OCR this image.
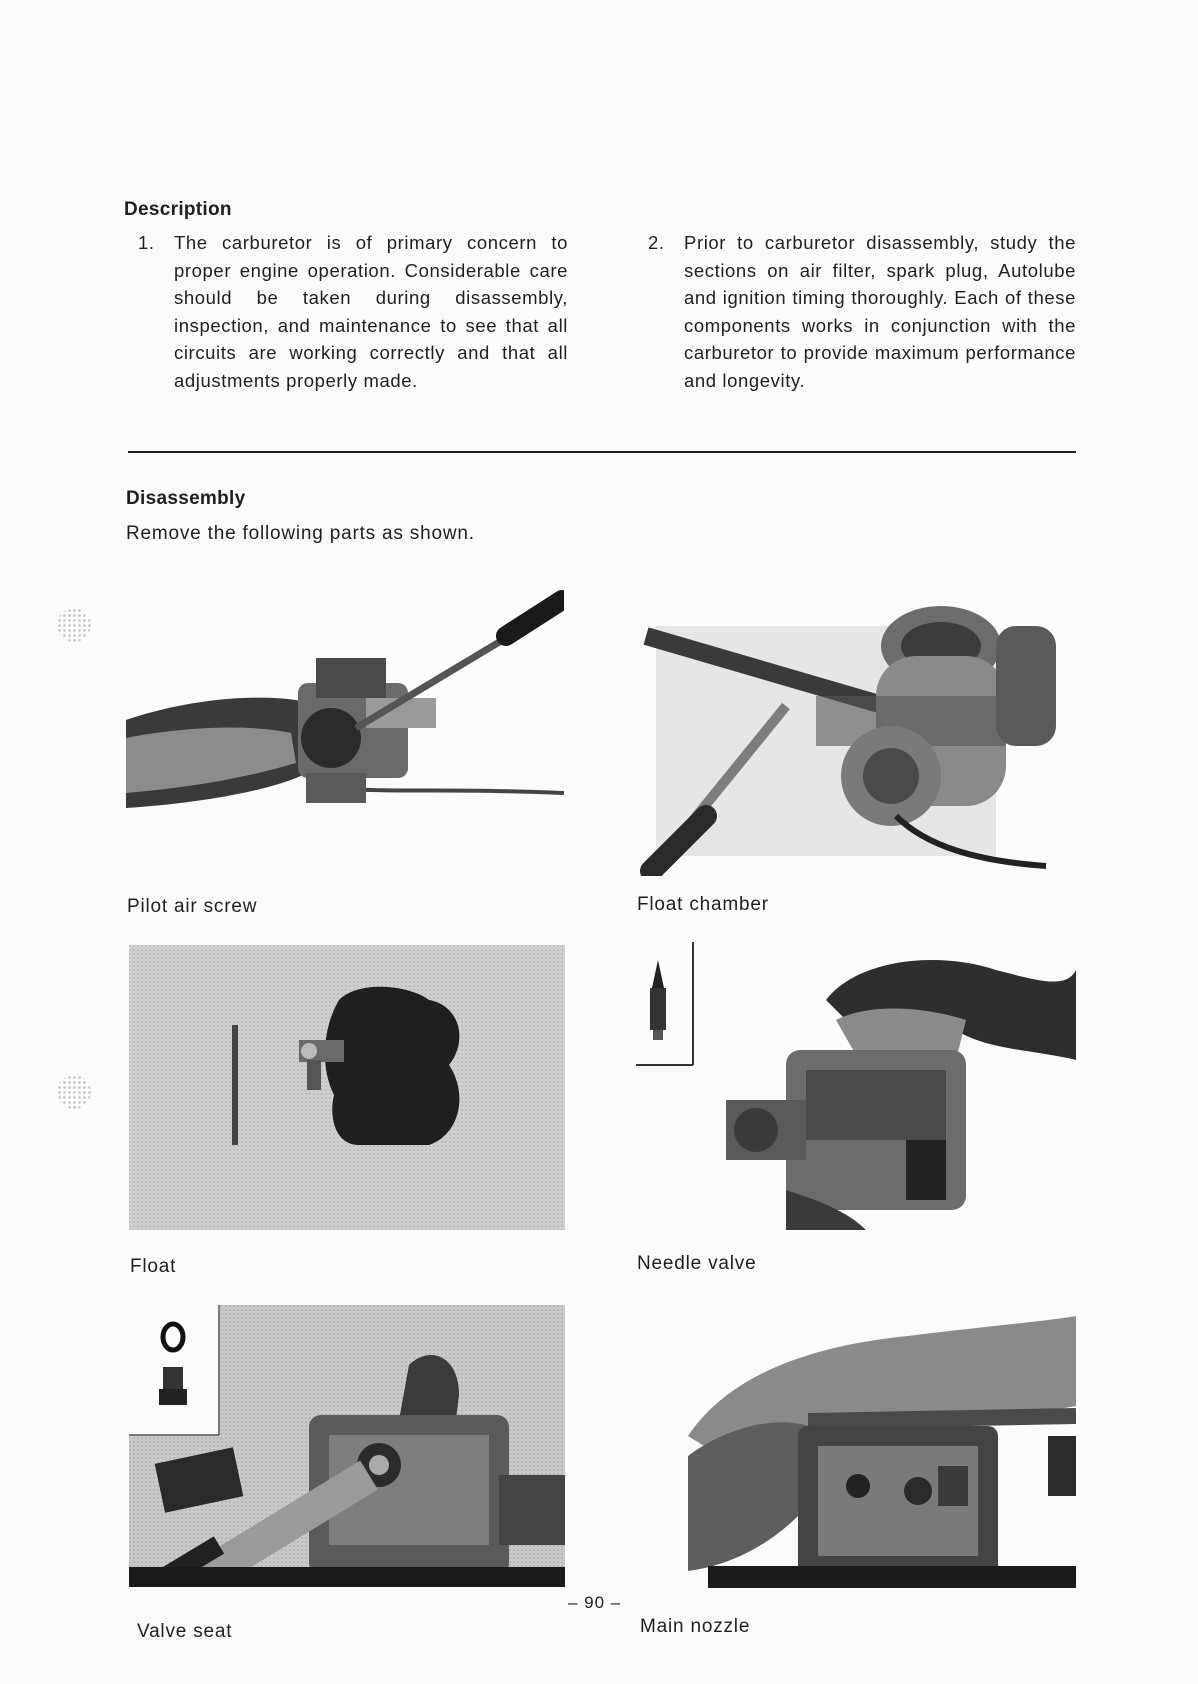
Description
1.	The carburetor is of primary concern to proper engine operation. Considerable care should be taken during disassembly, inspection, and maintenance to see that all circuits are working correctly and that all adjustments properly made.
2.	Prior to carburetor disassembly, study the sections on air filter, spark plug, Autolube and ignition timing thoroughly. Each of these components works in conjunction with the carburetor to provide maximum performance and longevity.
Disassembly
Remove the following parts as shown.
Pilot air screw	Float chamber
Float	Needle valve
Valve seat	Main nozzle
– 90 –
